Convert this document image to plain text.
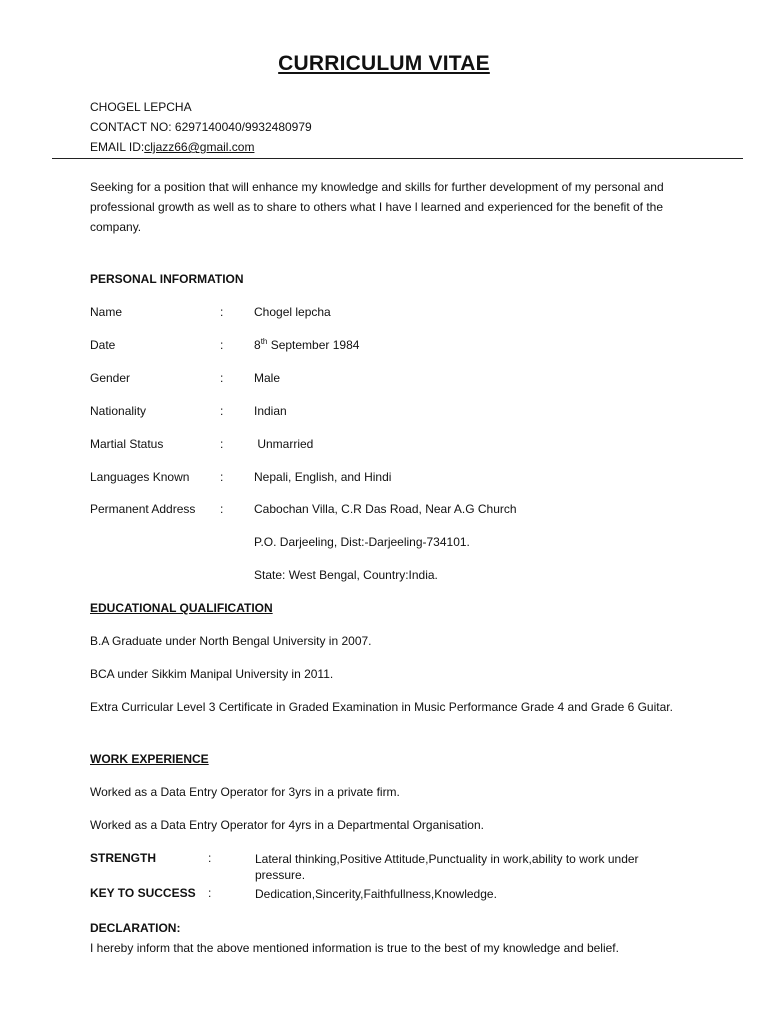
CURRICULUM VITAE
CHOGEL LEPCHA
CONTACT NO: 6297140040/9932480979
EMAIL ID:cljazz66@gmail.com
Seeking for a position that will enhance my knowledge and skills for further development of my personal and professional growth as well as to share to others what I have l learned and experienced for the benefit of the company.
PERSONAL INFORMATION
Name	:	Chogel lepcha
Date	:	8th September 1984
Gender	:	Male
Nationality	:	Indian
Martial Status	:	Unmarried
Languages Known	:	Nepali, English, and Hindi
Permanent Address :	Cabochan Villa, C.R Das Road, Near A.G Church
P.O. Darjeeling, Dist:-Darjeeling-734101.
State: West Bengal, Country:India.
EDUCATIONAL QUALIFICATION
B.A Graduate under North Bengal University in 2007.
BCA under Sikkim Manipal University in 2011.
Extra Curricular Level 3 Certificate in Graded Examination in Music Performance Grade 4 and Grade 6 Guitar.
WORK EXPERIENCE
Worked as a Data Entry Operator for 3yrs in a private firm.
Worked as a Data Entry Operator for 4yrs in a Departmental Organisation.
STRENGTH	:	Lateral thinking,Positive Attitude,Punctuality in work,ability to work under pressure.
KEY TO SUCCESS :	Dedication,Sincerity,Faithfullness,Knowledge.
DECLARATION:
I hereby inform that the above mentioned information is true to the best of my knowledge and belief.
